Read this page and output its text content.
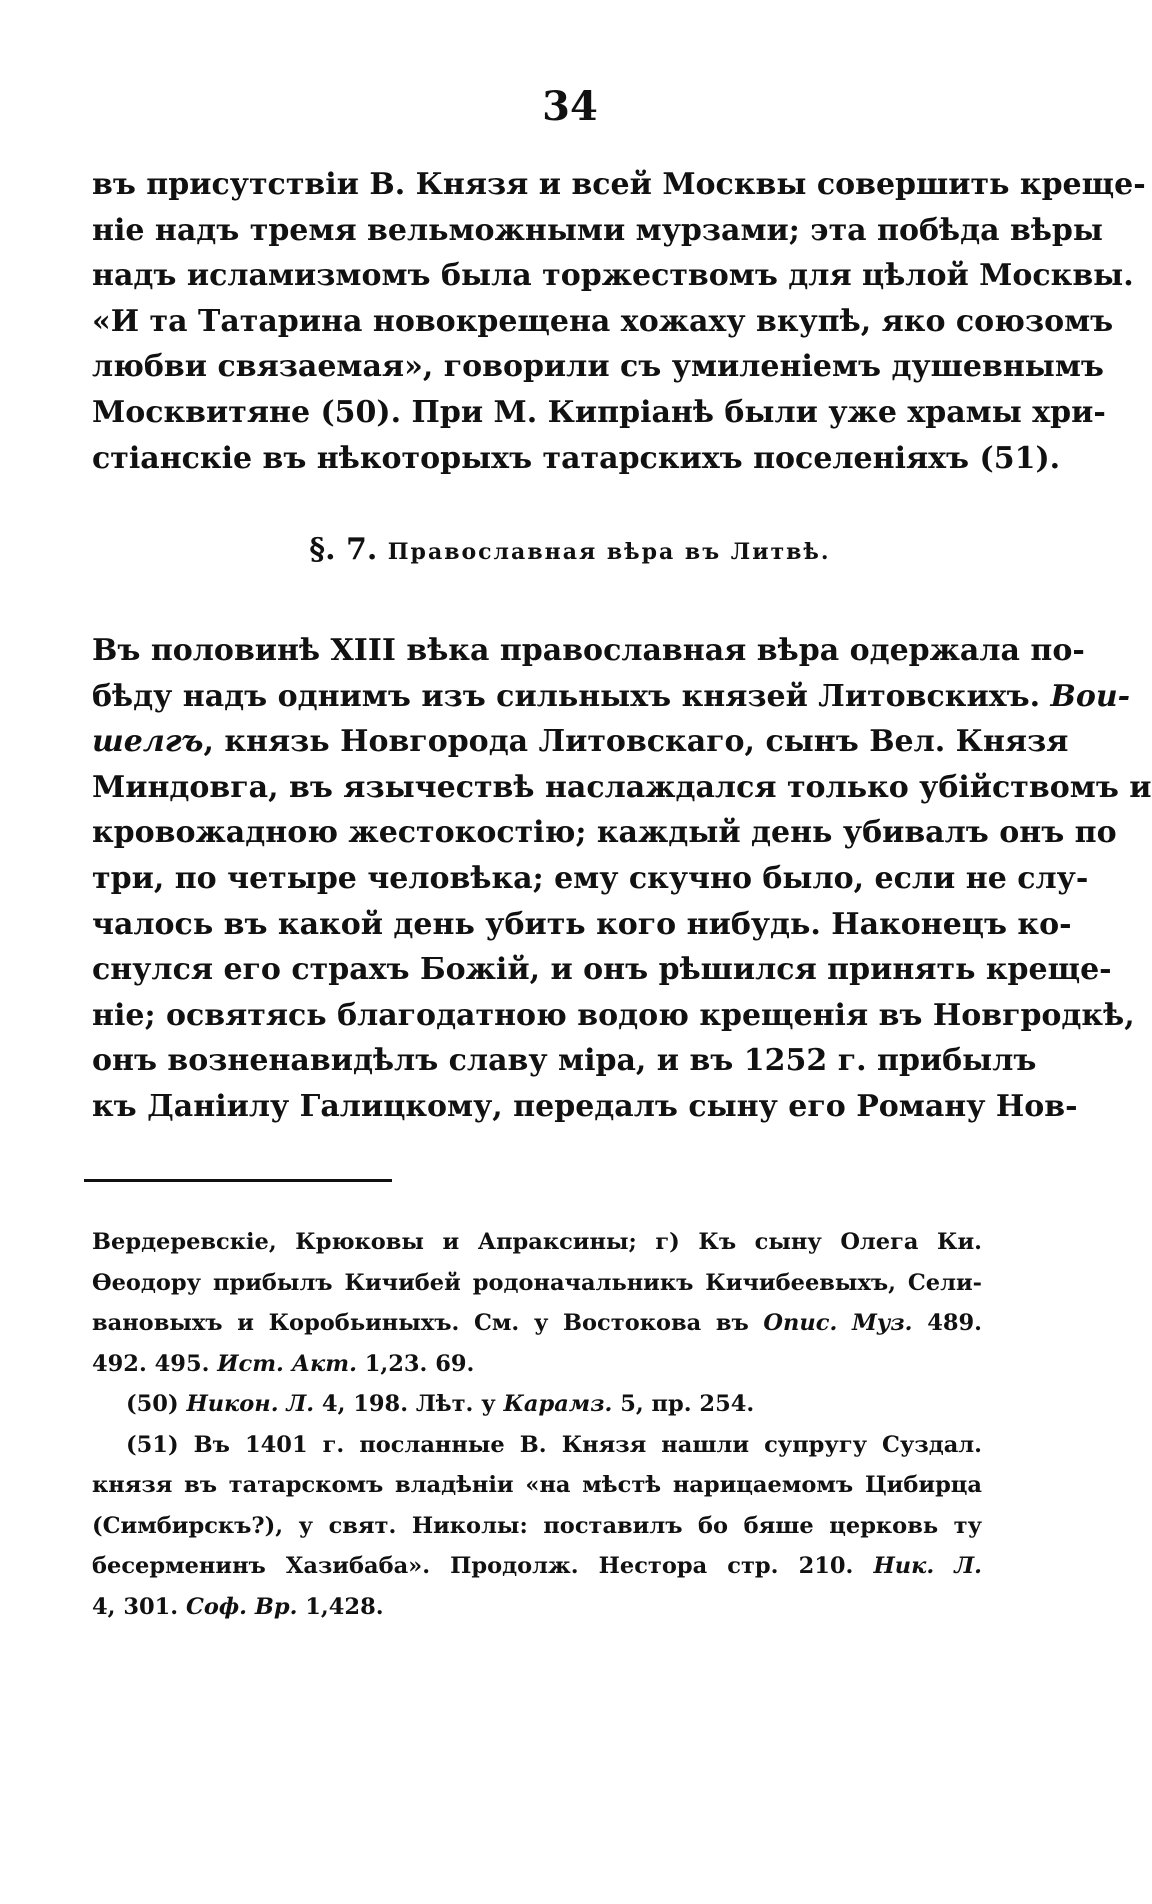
34
въ присутствіи В. Князя и всей Москвы совершить креще-
ніе надъ тремя вельможными мурзами; эта побѣда вѣры
надъ исламизмомъ была торжествомъ для цѣлой Москвы.
«И та Татарина новокрещена хожаху вкупѣ, яко союзомъ
любви связаемая», говорили съ умиленіемъ душевнымъ
Москвитяне (50). При М. Кипріанѣ были уже храмы хри-
стіанскіе въ нѣкоторыхъ татарскихъ поселеніяхъ (51).
§. 7. Православная вѣра въ Литвѣ.
Въ половинѣ XIII вѣка православная вѣра одержала по-
бѣду надъ однимъ изъ сильныхъ князей Литовскихъ. Вои-
шелгъ, князь Новгорода Литовскаго, сынъ Вел. Князя
Миндовга, въ язычествѣ наслаждался только убійствомъ и
кровожадною жестокостію; каждый день убивалъ онъ по
три, по четыре человѣка; ему скучно было, если не слу-
чалось въ какой день убить кого нибудь. Наконецъ ко-
снулся его страхъ Божій, и онъ рѣшился принять креще-
ніе; освятясь благодатною водою крещенія въ Новгродкѣ,
онъ возненавидѣлъ славу міра, и въ 1252 г. прибылъ
къ Даніилу Галицкому, передалъ сыну его Роману Нов-
Вердеревскіе, Крюковы и Апраксины; г) Къ сыну Олега Ки.
Ѳеодору прибылъ Кичибей родоначальникъ Кичибеевыхъ, Сели-
вановыхъ и Коробьиныхъ. См. у Востокова въ Опис. Муз. 489.
492. 495. Ист. Акт. 1,23. 69.
(50) Никон. Л. 4, 198. Лѣт. у Карамз. 5, пр. 254.
(51) Въ 1401 г. посланные В. Князя нашли супругу Суздал.
князя въ татарскомъ владѣніи «на мѣстѣ нарицаемомъ Цибирца
(Симбирскъ?), у свят. Николы: поставилъ бо бяше церковь ту
бесерменинъ Хазибаба». Продолж. Нестора стр. 210. Ник. Л.
4, 301. Соф. Вр. 1,428.
